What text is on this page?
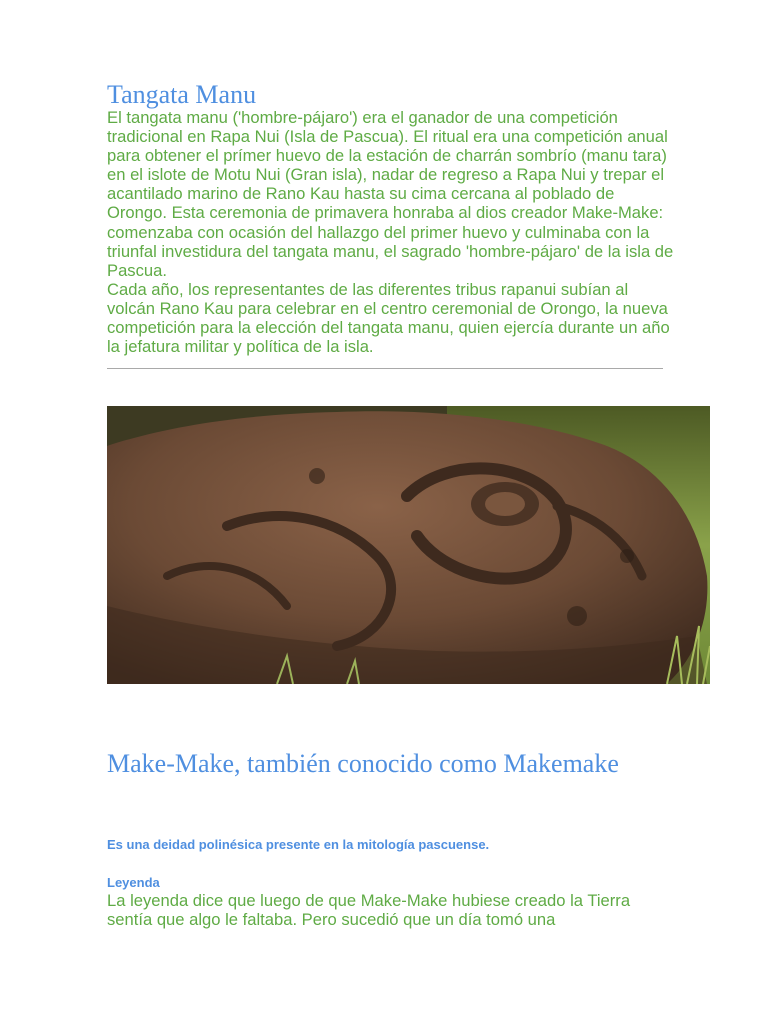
Tangata Manu

El tangata manu ('hombre-pájaro') era el ganador de una competición tradicional en Rapa Nui (Isla de Pascua). El ritual era una competición anual para obtener el prímer huevo de la estación de charrán sombrío (manu tara) en el islote de Motu Nui (Gran isla), nadar de regreso a Rapa Nui y trepar el acantilado marino de Rano Kau hasta su cima cercana al poblado de Orongo. Esta ceremonia de primavera honraba al dios creador Make-Make: comenzaba con ocasión del hallazgo del primer huevo y culminaba con la triunfal investidura del tangata manu, el sagrado 'hombre-pájaro' de la isla de Pascua.

Cada año, los representantes de las diferentes tribus rapanui subían al volcán Rano Kau para celebrar en el centro ceremonial de Orongo, la nueva competición para la elección del tangata manu, quien ejercía durante un año la jefatura militar y política de la isla.

Make-Make, también conocido como Makemake

Es una deidad polinésica presente en la mitología pascuense.

Leyenda

La leyenda dice que luego de que Make-Make hubiese creado la Tierra sentía que algo le faltaba. Pero sucedió que un día tomó una
